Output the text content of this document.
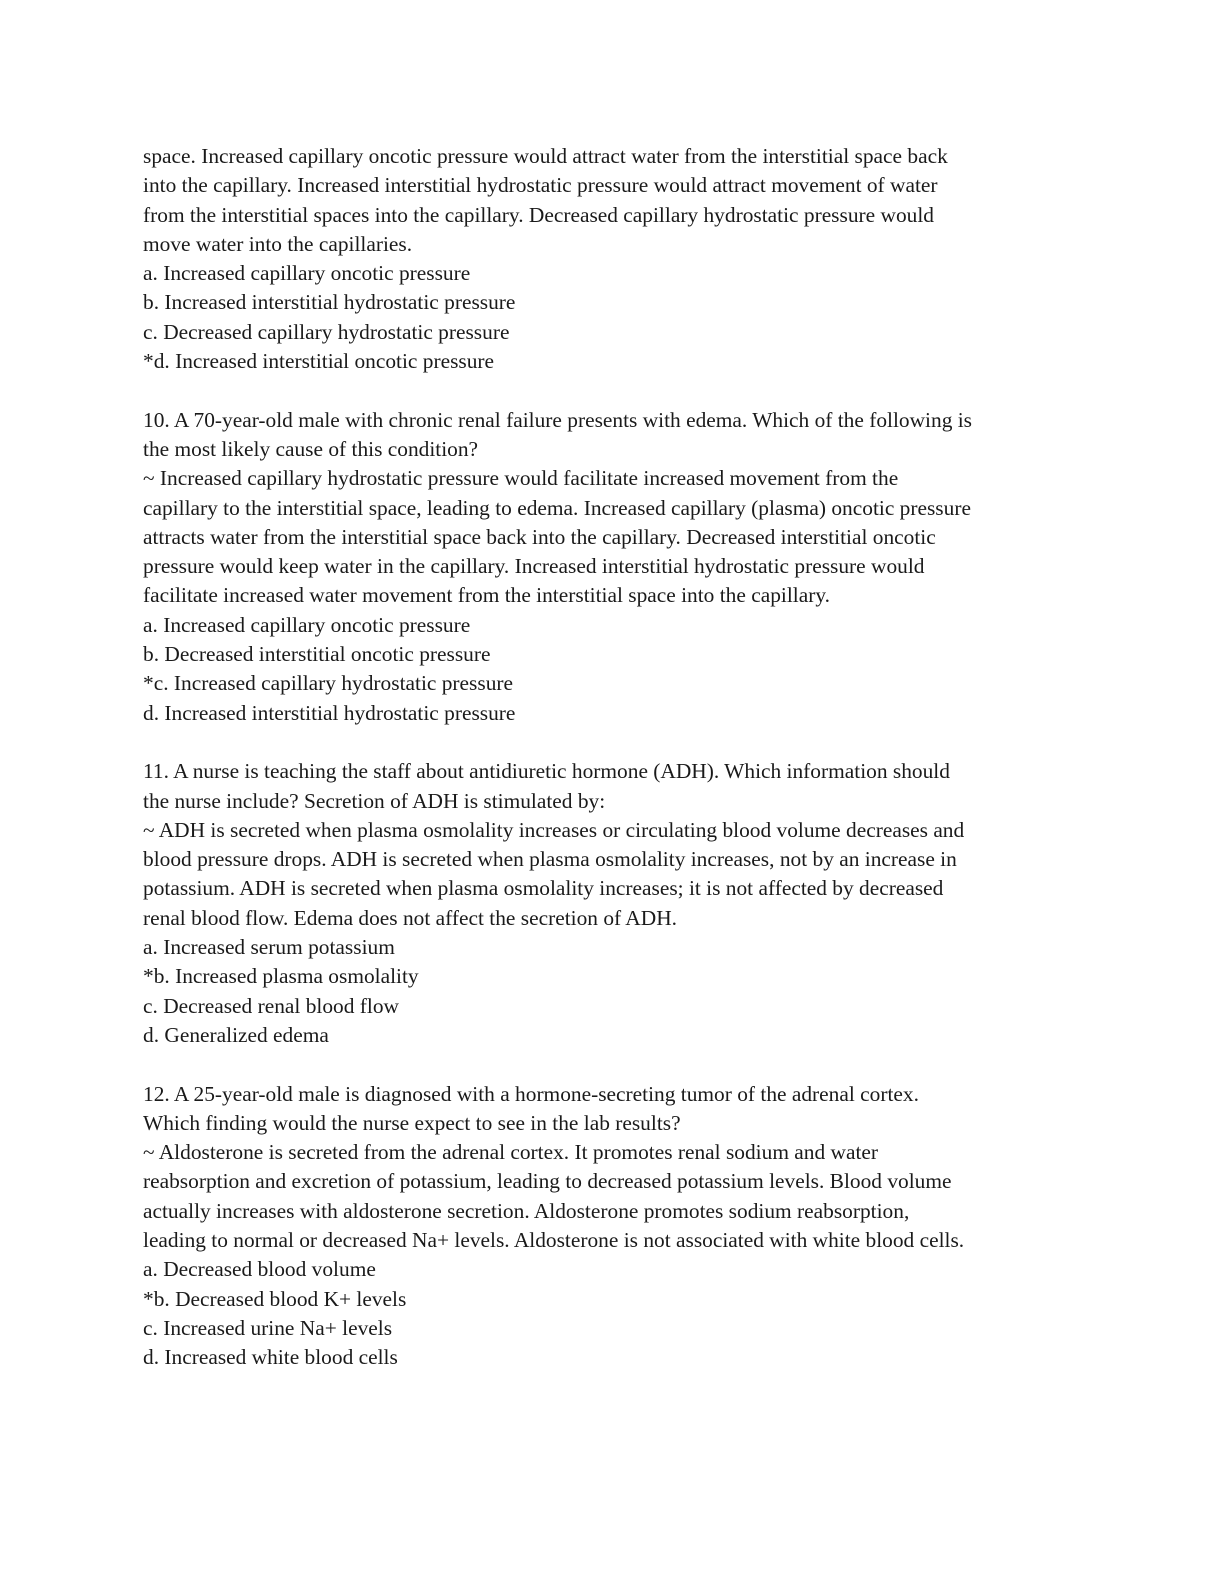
space. Increased capillary oncotic pressure would attract water from the interstitial space back
into the capillary. Increased interstitial hydrostatic pressure would attract movement of water
from the interstitial spaces into the capillary. Decreased capillary hydrostatic pressure would
move water into the capillaries.
a. Increased capillary oncotic pressure
b. Increased interstitial hydrostatic pressure
c. Decreased capillary hydrostatic pressure
*d. Increased interstitial oncotic pressure
10. A 70-year-old male with chronic renal failure presents with edema. Which of the following is
the most likely cause of this condition?
~ Increased capillary hydrostatic pressure would facilitate increased movement from the
capillary to the interstitial space, leading to edema. Increased capillary (plasma) oncotic pressure
attracts water from the interstitial space back into the capillary. Decreased interstitial oncotic
pressure would keep water in the capillary. Increased interstitial hydrostatic pressure would
facilitate increased water movement from the interstitial space into the capillary.
a. Increased capillary oncotic pressure
b. Decreased interstitial oncotic pressure
*c. Increased capillary hydrostatic pressure
d. Increased interstitial hydrostatic pressure
11. A nurse is teaching the staff about antidiuretic hormone (ADH). Which information should
the nurse include? Secretion of ADH is stimulated by:
~ ADH is secreted when plasma osmolality increases or circulating blood volume decreases and
blood pressure drops. ADH is secreted when plasma osmolality increases, not by an increase in
potassium. ADH is secreted when plasma osmolality increases; it is not affected by decreased
renal blood flow. Edema does not affect the secretion of ADH.
a. Increased serum potassium
*b. Increased plasma osmolality
c. Decreased renal blood flow
d. Generalized edema
12. A 25-year-old male is diagnosed with a hormone-secreting tumor of the adrenal cortex.
Which finding would the nurse expect to see in the lab results?
~ Aldosterone is secreted from the adrenal cortex. It promotes renal sodium and water
reabsorption and excretion of potassium, leading to decreased potassium levels. Blood volume
actually increases with aldosterone secretion. Aldosterone promotes sodium reabsorption,
leading to normal or decreased Na+ levels. Aldosterone is not associated with white blood cells.
a. Decreased blood volume
*b. Decreased blood K+ levels
c. Increased urine Na+ levels
d. Increased white blood cells
